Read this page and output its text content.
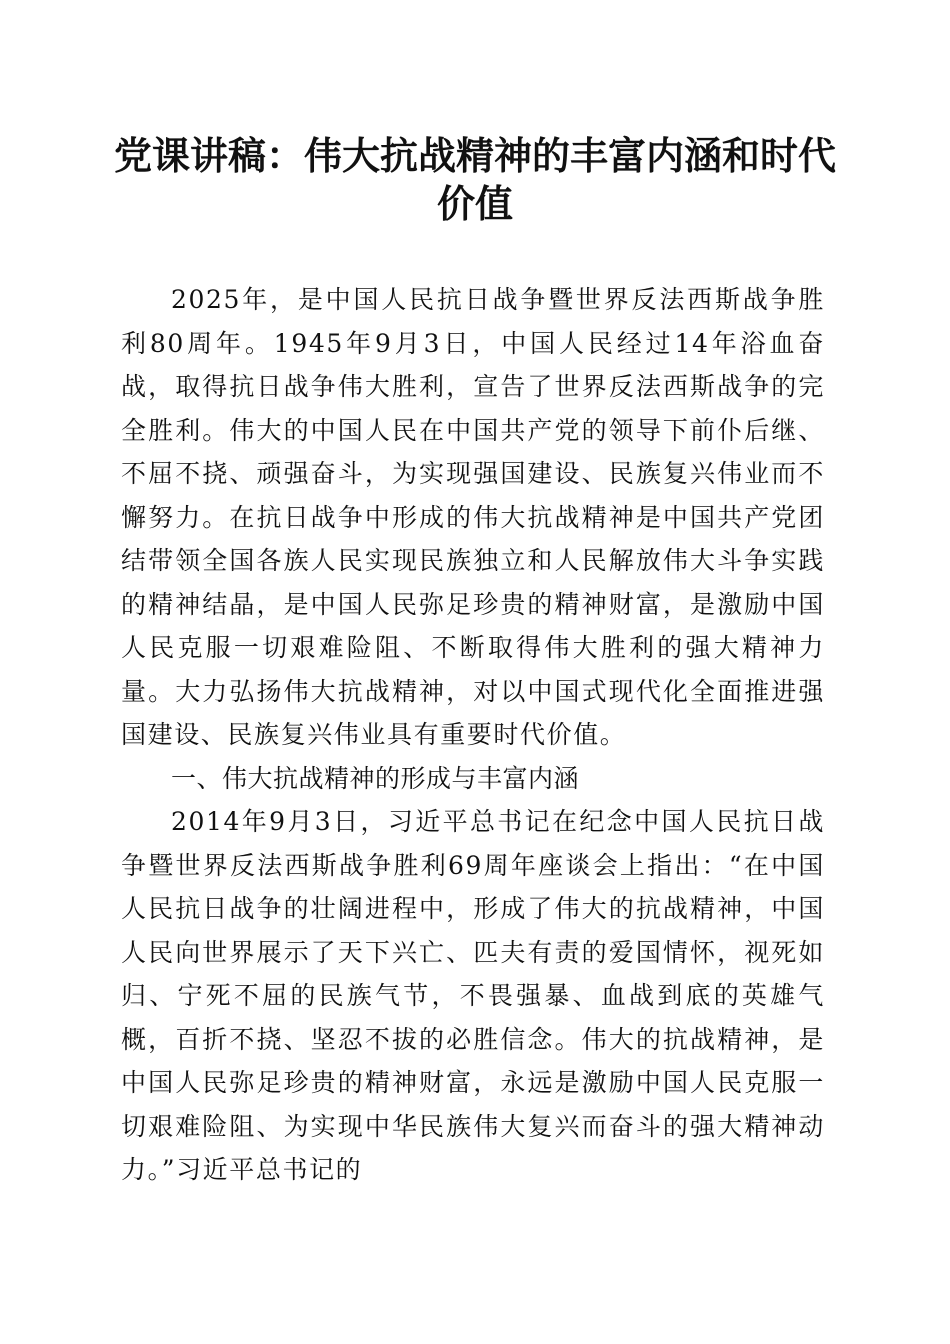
党课讲稿：伟大抗战精神的丰富内涵和时代价值

2025年，是中国人民抗日战争暨世界反法西斯战争胜利80周年。1945年9月3日，中国人民经过14年浴血奋战，取得抗日战争伟大胜利，宣告了世界反法西斯战争的完全胜利。伟大的中国人民在中国共产党的领导下前仆后继、不屈不挠、顽强奋斗，为实现强国建设、民族复兴伟业而不懈努力。在抗日战争中形成的伟大抗战精神是中国共产党团结带领全国各族人民实现民族独立和人民解放伟大斗争实践的精神结晶，是中国人民弥足珍贵的精神财富，是激励中国人民克服一切艰难险阻、不断取得伟大胜利的强大精神力量。大力弘扬伟大抗战精神，对以中国式现代化全面推进强国建设、民族复兴伟业具有重要时代价值。

一、伟大抗战精神的形成与丰富内涵

2014年9月3日，习近平总书记在纪念中国人民抗日战争暨世界反法西斯战争胜利69周年座谈会上指出：“在中国人民抗日战争的壮阔进程中，形成了伟大的抗战精神，中国人民向世界展示了天下兴亡、匹夫有责的爱国情怀，视死如归、宁死不屈的民族气节，不畏强暴、血战到底的英雄气概，百折不挠、坚忍不拔的必胜信念。伟大的抗战精神，是中国人民弥足珍贵的精神财富，永远是激励中国人民克服一切艰难险阻、为实现中华民族伟大复兴而奋斗的强大精神动力。”习近平总书记的
